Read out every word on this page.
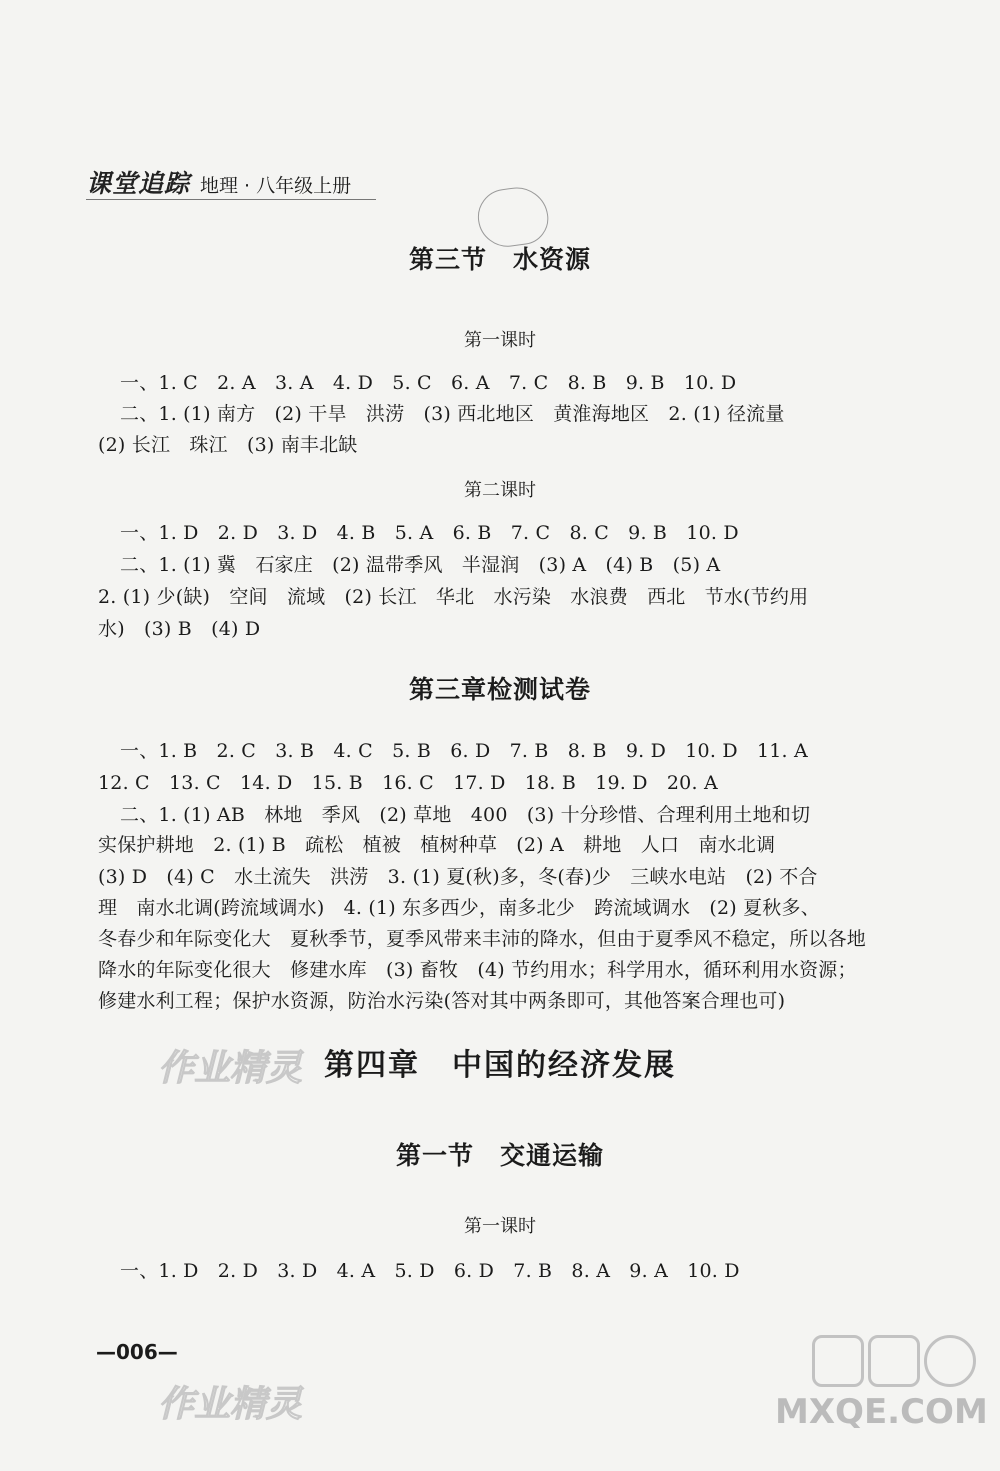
课堂追踪 地理 · 八年级上册
第三节　水资源
第一课时
一、1. C　2. A　3. A　4. D　5. C　6. A　7. C　8. B　9. B　10. D
二、1. (1) 南方　(2) 干旱　洪涝　(3) 西北地区　黄淮海地区　2. (1) 径流量
(2) 长江　珠江　(3) 南丰北缺
第二课时
一、1. D　2. D　3. D　4. B　5. A　6. B　7. C　8. C　9. B　10. D
二、1. (1) 冀　石家庄　(2) 温带季风　半湿润　(3) A　(4) B　(5) A
2. (1) 少(缺)　空间　流域　(2) 长江　华北　水污染　水浪费　西北　节水(节约用
水)　(3) B　(4) D
第三章检测试卷
一、1. B　2. C　3. B　4. C　5. B　6. D　7. B　8. B　9. D　10. D　11. A
12. C　13. C　14. D　15. B　16. C　17. D　18. B　19. D　20. A
二、1. (1) AB　林地　季风　(2) 草地　400　(3) 十分珍惜、合理利用土地和切
实保护耕地　2. (1) B　疏松　植被　植树种草　(2) A　耕地　人口　南水北调
(3) D　(4) C　水土流失　洪涝　3. (1) 夏(秋)多，冬(春)少　三峡水电站　(2) 不合
理　南水北调(跨流域调水)　4. (1) 东多西少，南多北少　跨流域调水　(2) 夏秋多、
冬春少和年际变化大　夏秋季节，夏季风带来丰沛的降水，但由于夏季风不稳定，所以各地
降水的年际变化很大　修建水库　(3) 畜牧　(4) 节约用水；科学用水，循环利用水资源；
修建水利工程；保护水资源，防治水污染(答对其中两条即可，其他答案合理也可)
作业精灵 第四章　中国的经济发展
第一节　交通运输
第一课时
一、1. D　2. D　3. D　4. A　5. D　6. D　7. B　8. A　9. A　10. D
—006—
作业精灵	MXQE.COM
